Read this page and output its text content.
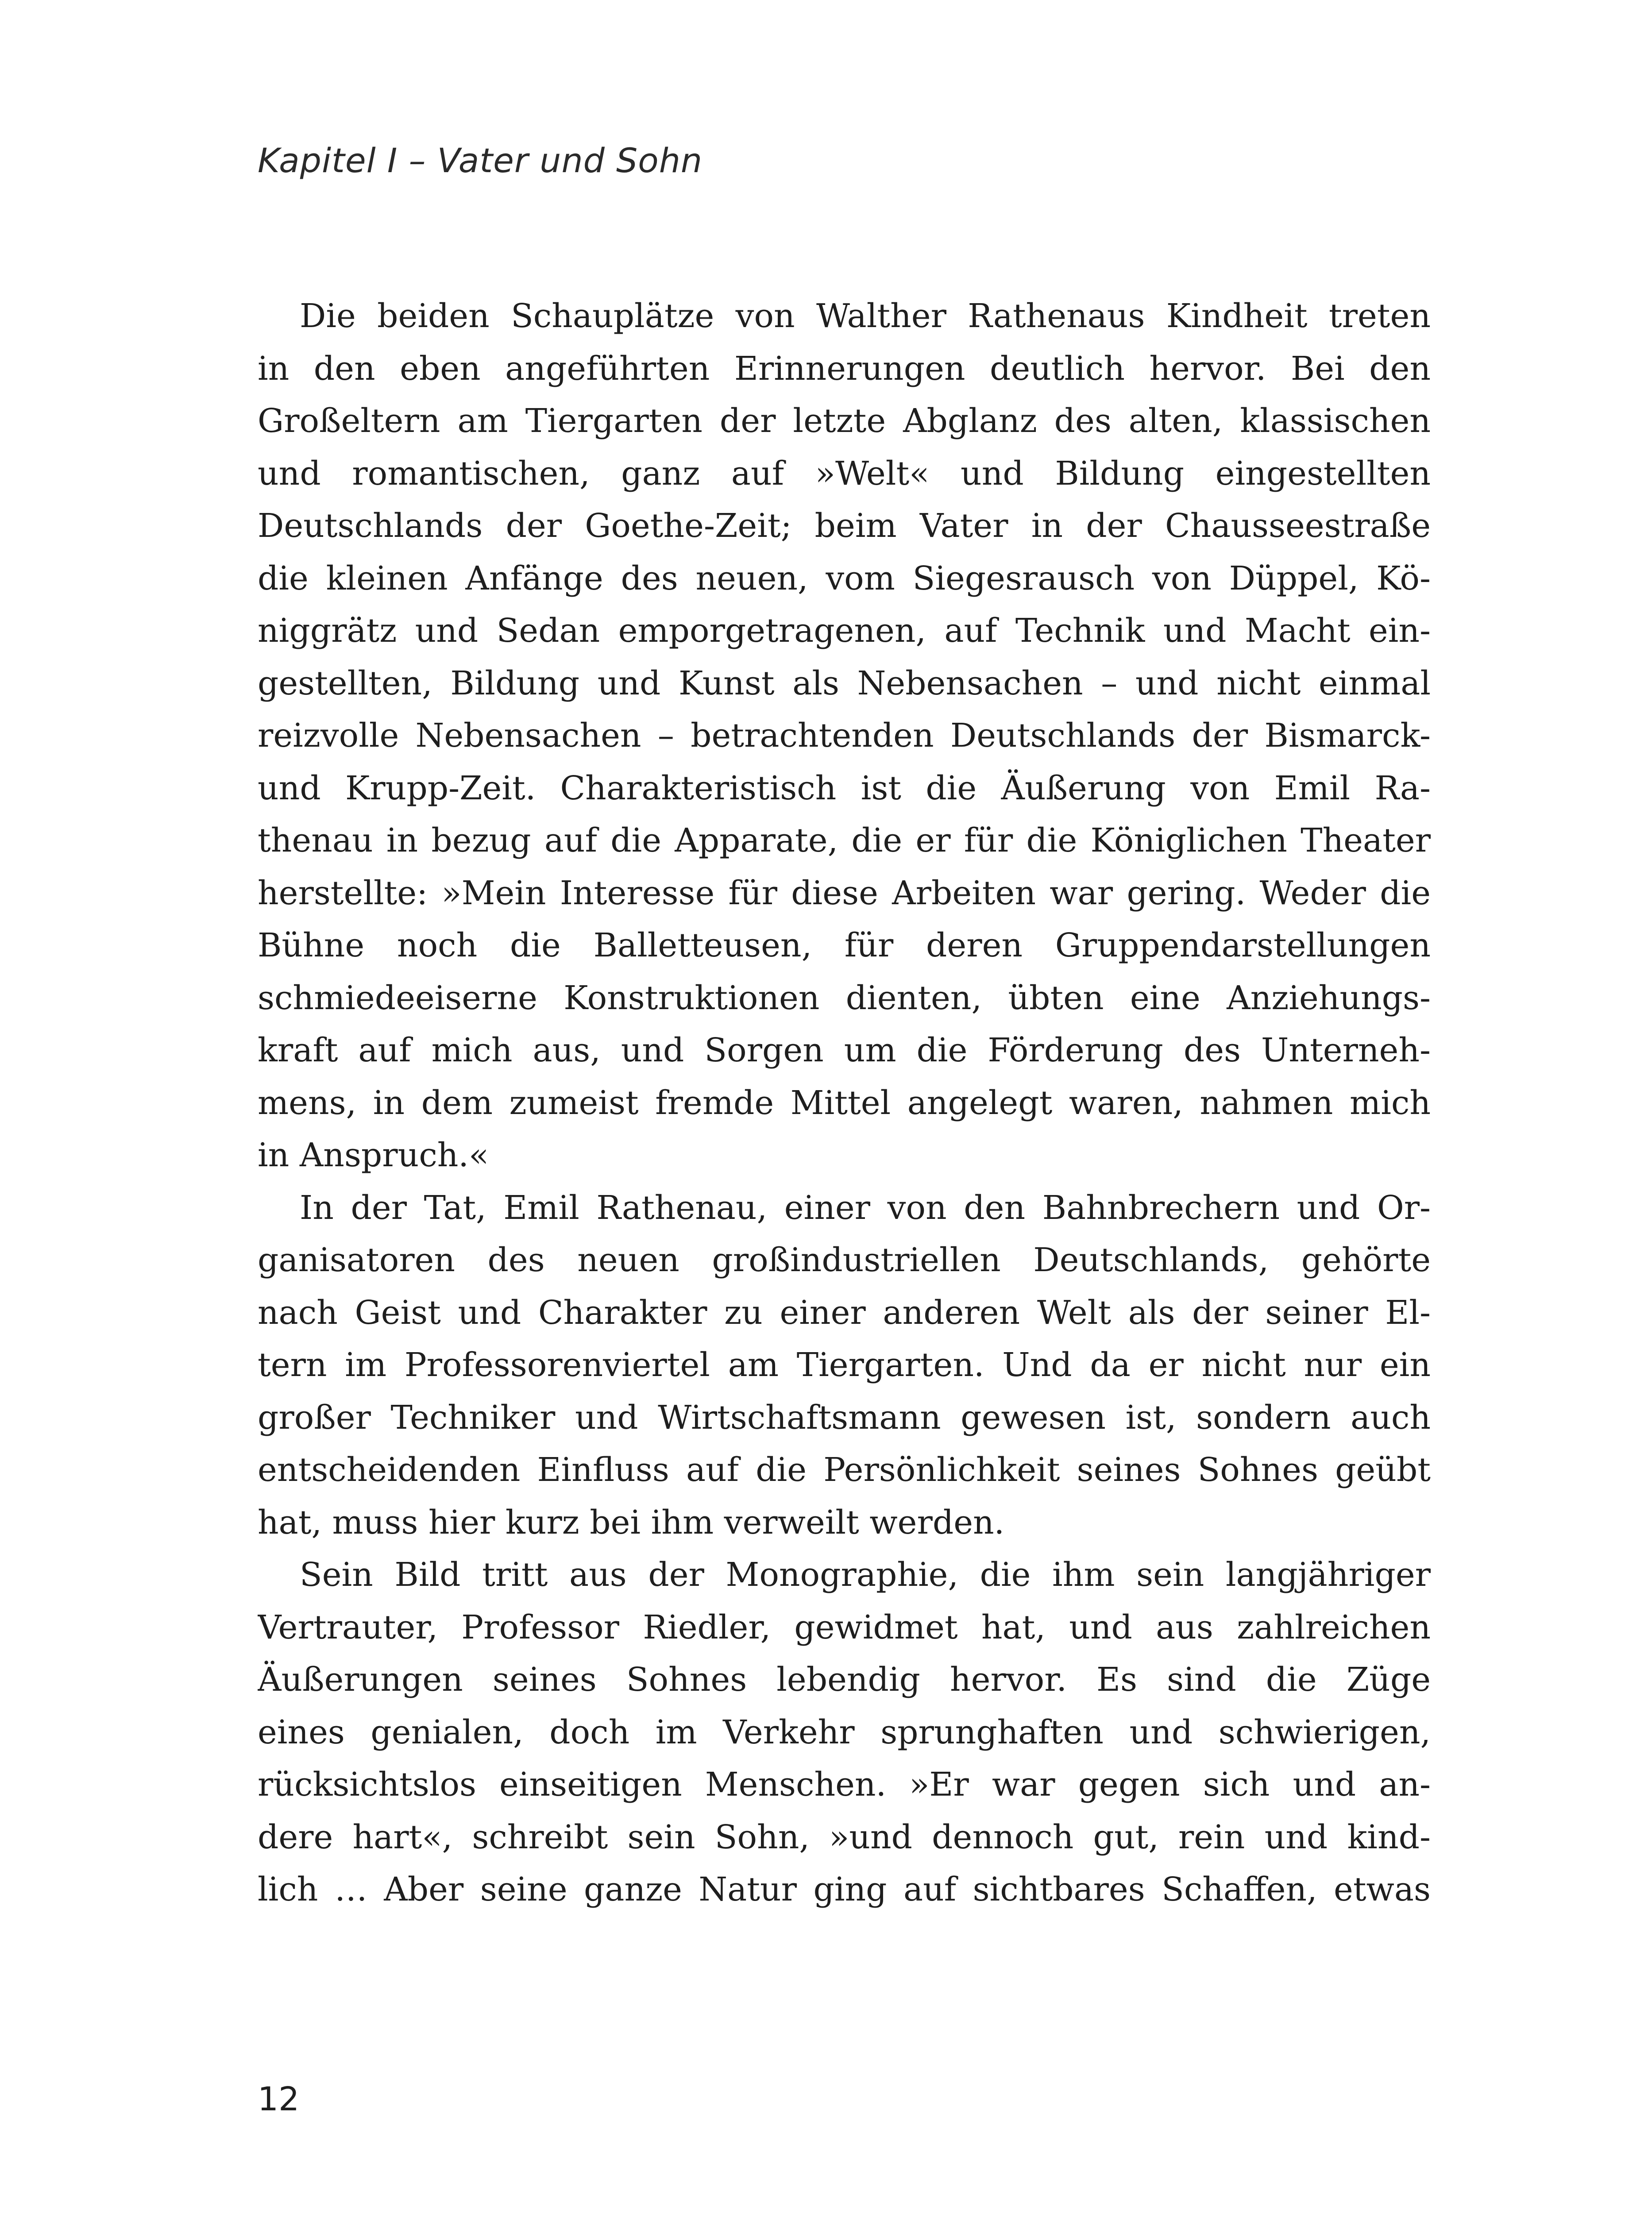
Kapitel I – Vater und Sohn
Die beiden Schauplätze von Walther Rathenaus Kindheit treten
in den eben angeführten Erinnerungen deutlich hervor. Bei den
Großeltern am Tiergarten der letzte Abglanz des alten, klassischen
und romantischen, ganz auf »Welt« und Bildung eingestellten
Deutschlands der Goethe-Zeit; beim Vater in der Chausseestraße
die kleinen Anfänge des neuen, vom Siegesrausch von Düppel, Kö-
niggrätz und Sedan emporgetragenen, auf Technik und Macht ein-
gestellten, Bildung und Kunst als Nebensachen – und nicht einmal
reizvolle Nebensachen – betrachtenden Deutschlands der Bismarck-
und Krupp-Zeit. Charakteristisch ist die Äußerung von Emil Ra-
thenau in bezug auf die Apparate, die er für die Königlichen Theater
herstellte: »Mein Interesse für diese Arbeiten war gering. Weder die
Bühne noch die Balletteusen, für deren Gruppendarstellungen
schmiedeeiserne Konstruktionen dienten, übten eine Anziehungs-
kraft auf mich aus, und Sorgen um die Förderung des Unterneh-
mens, in dem zumeist fremde Mittel angelegt waren, nahmen mich
in Anspruch.«
In der Tat, Emil Rathenau, einer von den Bahnbrechern und Or-
ganisatoren des neuen großindustriellen Deutschlands, gehörte
nach Geist und Charakter zu einer anderen Welt als der seiner El-
tern im Professorenviertel am Tiergarten. Und da er nicht nur ein
großer Techniker und Wirtschaftsmann gewesen ist, sondern auch
entscheidenden Einfluss auf die Persönlichkeit seines Sohnes geübt
hat, muss hier kurz bei ihm verweilt werden.
Sein Bild tritt aus der Monographie, die ihm sein langjähriger
Vertrauter, Professor Riedler, gewidmet hat, und aus zahlreichen
Äußerungen seines Sohnes lebendig hervor. Es sind die Züge
eines genialen, doch im Verkehr sprunghaften und schwierigen,
rücksichtslos einseitigen Menschen. »Er war gegen sich und an-
dere hart«, schreibt sein Sohn, »und dennoch gut, rein und kind-
lich … Aber seine ganze Natur ging auf sichtbares Schaffen, etwas
12
